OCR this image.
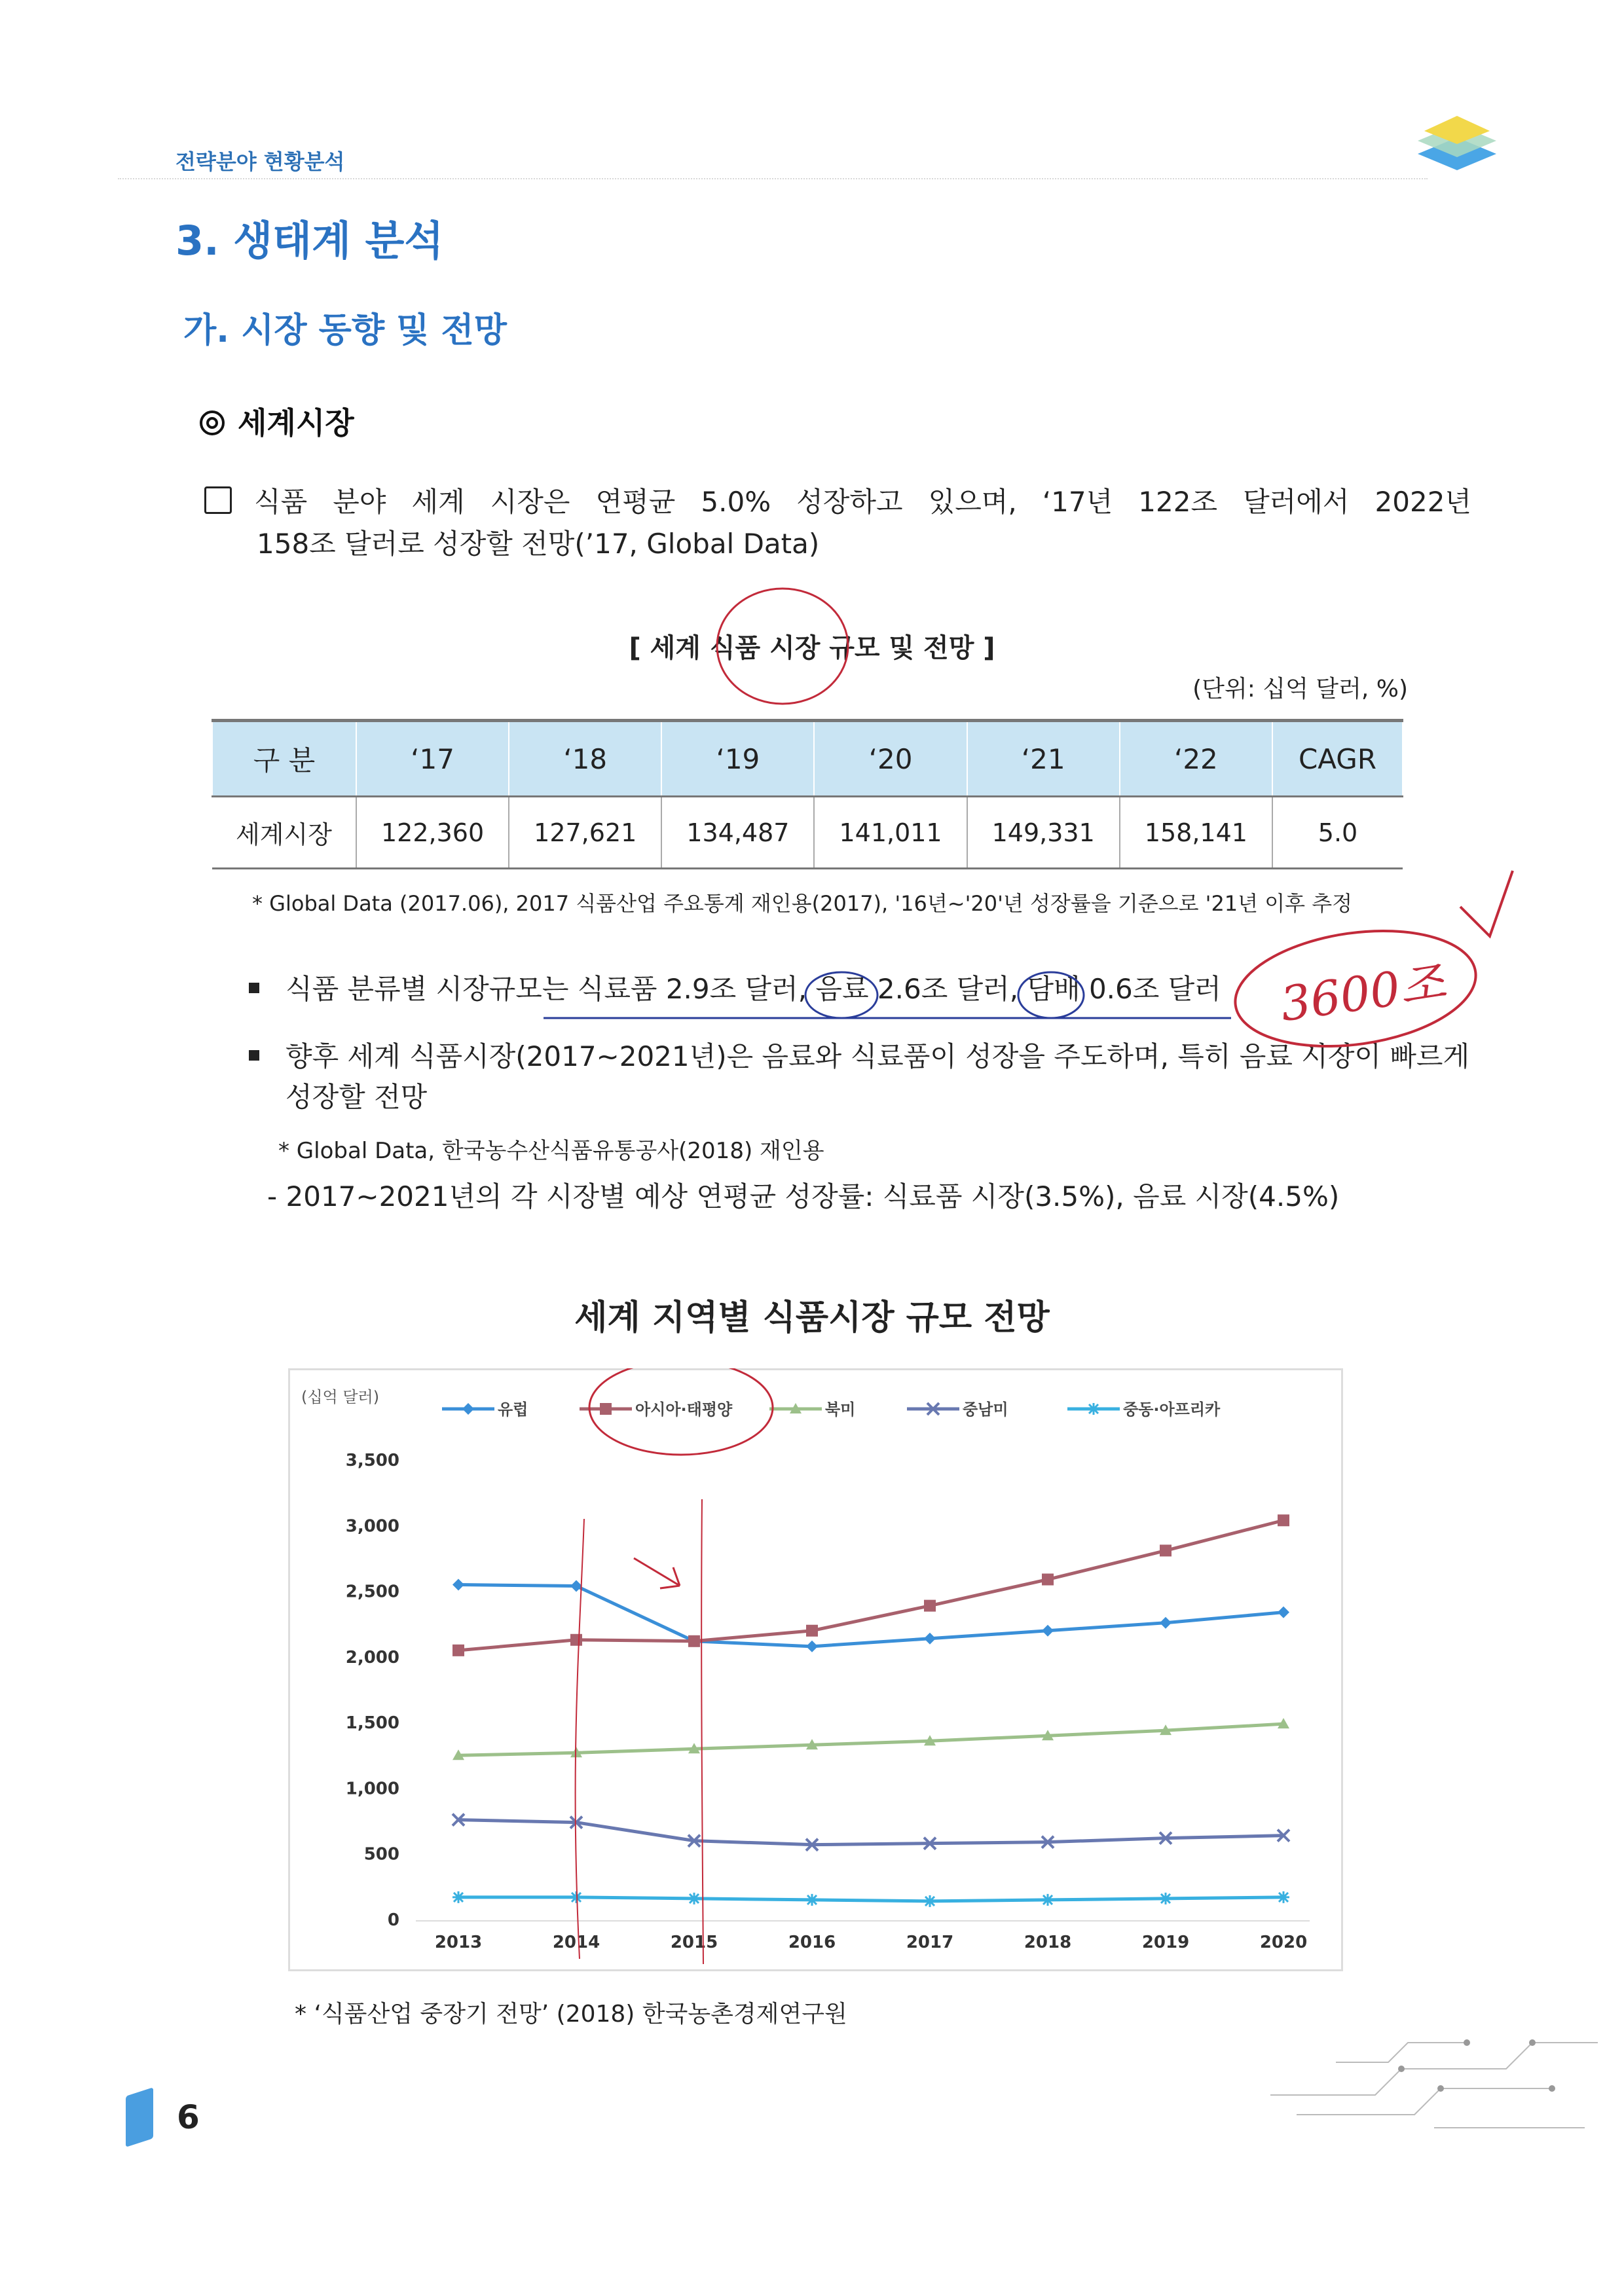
전략분야 현황분석
3. 생태계 분석
가. 시장 동향 및 전망
세계시장
식품 분야 세계 시장은 연평균 5.0% 성장하고 있으며, ‘17년 122조 달러에서 2022년
158조 달러로 성장할 전망(’17, Global Data)
[ 세계 식품 시장 규모 및 전망 ]
(단위: 십억 달러, %)
구 분	‘17	‘18	‘19	‘20	‘21	‘22	CAGR
세계시장	122,360	127,621	134,487	141,011	149,331	158,141	5.0
* Global Data (2017.06), 2017 식품산업 주요통계 재인용(2017), '16년~'20'년 성장률을 기준으로 '21년 이후 추정
식품 분류별 시장규모는 식료품 2.9조 달러, 음료 2.6조 달러, 담배 0.6조 달러
향후 세계 식품시장(2017~2021년)은 음료와 식료품이 성장을 주도하며, 특히 음료 시장이 빠르게
성장할 전망
* Global Data, 한국농수산식품유통공사(2018) 재인용
- 2017~2021년의 각 시장별 예상 연평균 성장률: 식료품 시장(3.5%), 음료 시장(4.5%)
3600조
세계 지역별 식품시장 규모 전망
(십억 달러)
0
500
1,000
1,500
2,000
2,500
3,000
3,500
2013	2014	2015	2016	2017	2018	2019	2020
유럽	아시아·태평양	북미	중남미	중동·아프리카
* ‘식품산업 중장기 전망’ (2018) 한국농촌경제연구원
6
